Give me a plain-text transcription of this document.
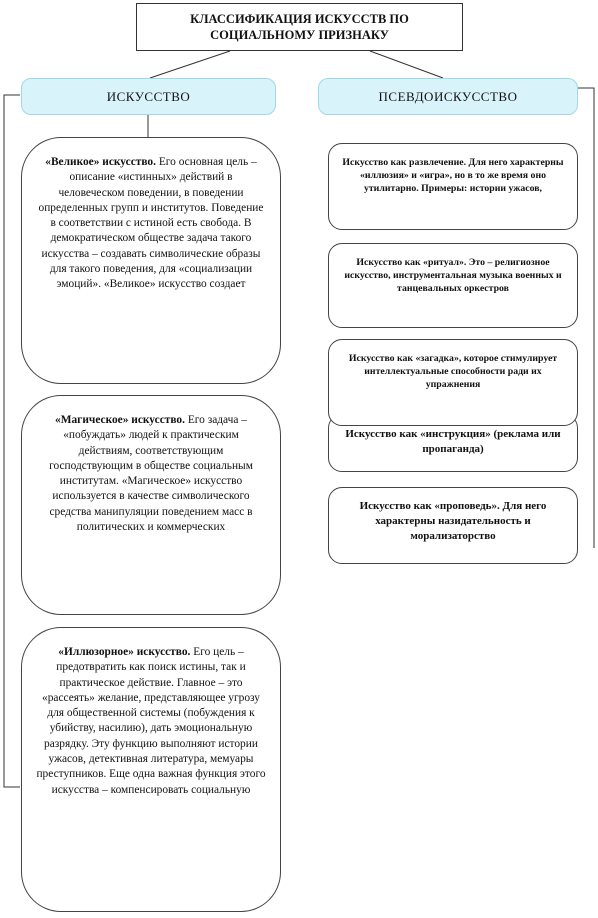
КЛАССИФИКАЦИЯ ИСКУССТВ ПО
СОЦИАЛЬНОМУ ПРИЗНАКУ
ИСКУССТВО	ПСЕВДОИСКУССТВО
«Великое» искусство. Его основная цель – описание «истинных» действий в человеческом поведении, в поведении определенных групп и институтов. Поведение в соответствии с истиной есть свобода. В демократическом обществе задача такого искусства – создавать символические образы для такого поведения, для «социализации эмоций». «Великое» искусство создает
«Магическое» искусство. Его задача – «побуждать» людей к практическим действиям, соответствующим господствующим в обществе социальным институтам. «Магическое» искусство используется в качестве символического средства манипуляции поведением масс в политических и коммерческих
«Иллюзорное» искусство. Его цель –предотвратить как поиск истины, так и практическое действие. Главное – это «рассеять» желание, представляющее угрозу для общественной системы (побуждения к убийству, насилию), дать эмоциональную разрядку. Эту функцию выполняют истории ужасов, детективная литература, мемуары преступников. Еще одна важная функция этого искусства – компенсировать социальную
Искусство как развлечение. Для него характерны «иллюзия» и «игра», но в то же время оно утилитарно. Примеры: истории ужасов,
Искусство как «ритуал». Это – религиозное искусство, инструментальная музыка военных и танцевальных оркестров
Искусство как «инструкция» (реклама или пропаганда)
Искусство как «загадка», которое стимулирует интеллектуальные способности ради их упражнения
Искусство как «проповедь». Для него характерны назидательность и морализаторство
